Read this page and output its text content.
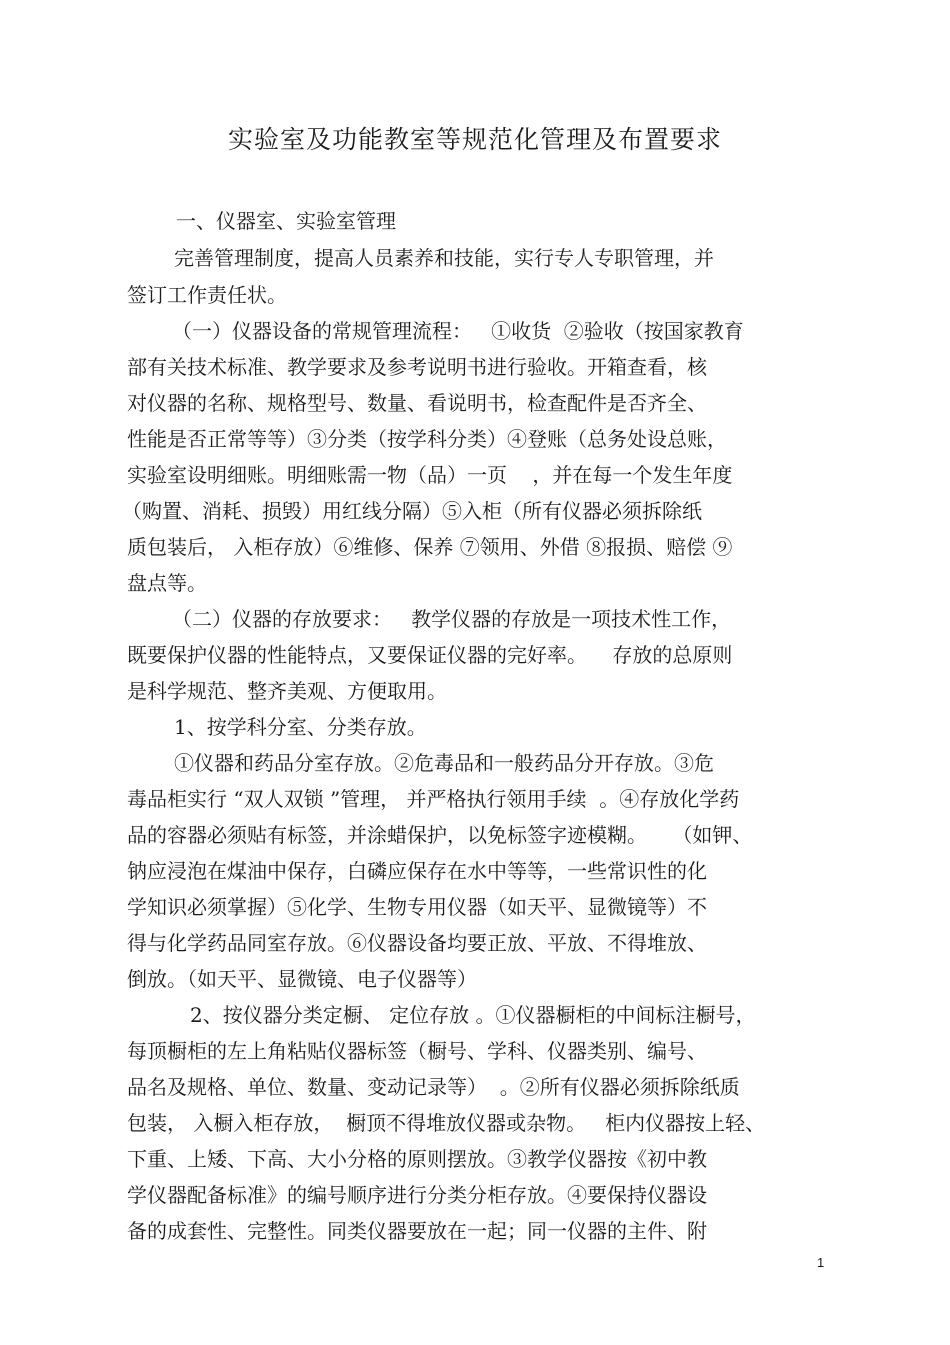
实验室及功能教室等规范化管理及布置要求

一、仪器室、实验室管理

完善管理制度，提高人员素养和技能，实行专人专职管理，并

签订工作责任状。

（一）仪器设备的常规管理流程：   ①收货  ②验收（按国家教育

部有关技术标准、教学要求及参考说明书进行验收。开箱查看，核

对仪器的名称、规格型号、数量、看说明书，检查配件是否齐全、

性能是否正常等等）③分类（按学科分类）④登账（总务处设总账，

实验室设明细账。明细账需一物（品）一页    ，并在每一个发生年度

（购置、消耗、损毁）用红线分隔）⑤入柜（所有仪器必须拆除纸

质包装后， 入柜存放）⑥维修、保养 ⑦领用、外借 ⑧报损、赔偿 ⑨

盘点等。

（二）仪器的存放要求：   教学仪器的存放是一项技术性工作，

既要保护仪器的性能特点，又要保证仪器的完好率。    存放的总原则

是科学规范、整齐美观、方便取用。

1、按学科分室、分类存放。

①仪器和药品分室存放。②危毒品和一般药品分开存放。③危

毒品柜实行 “双人双锁 ”管理， 并严格执行领用手续  。④存放化学药

品的容器必须贴有标签，并涂蜡保护，以免标签字迹模糊。    （如钾、

钠应浸泡在煤油中保存，白磷应保存在水中等等，一些常识性的化

学知识必须掌握）⑤化学、生物专用仪器（如天平、显微镜等）不

得与化学药品同室存放。⑥仪器设备均要正放、平放、不得堆放、

倒放。（如天平、显微镜、电子仪器等）

2、按仪器分类定橱、 定位存放 。①仪器橱柜的中间标注橱号，

每顶橱柜的左上角粘贴仪器标签（橱号、学科、仪器类别、编号、

品名及规格、单位、数量、变动记录等）  。②所有仪器必须拆除纸质

包装， 入橱入柜存放，  橱顶不得堆放仪器或杂物。   柜内仪器按上轻、

下重、上矮、下高、大小分格的原则摆放。③教学仪器按《初中教

学仪器配备标准》的编号顺序进行分类分柜存放。④要保持仪器设

备的成套性、完整性。同类仪器要放在一起；同一仪器的主件、附

1
